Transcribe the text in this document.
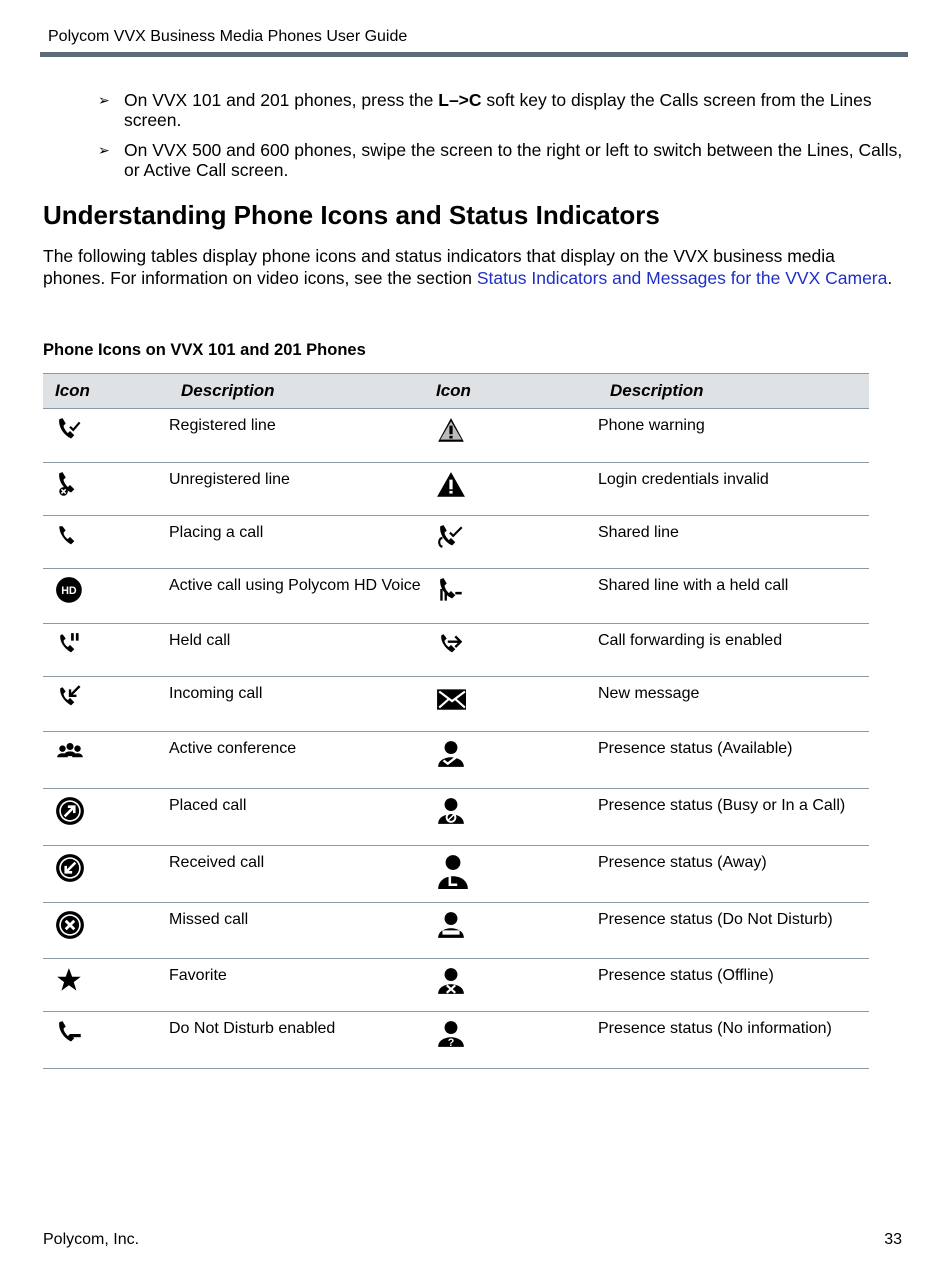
Polycom VVX Business Media Phones User Guide
➢ On VVX 101 and 201 phones, press the L–>C soft key to display the Calls screen from the Lines screen.
➢ On VVX 500 and 600 phones, swipe the screen to the right or left to switch between the Lines, Calls, or Active Call screen.
Understanding Phone Icons and Status Indicators
The following tables display phone icons and status indicators that display on the VVX business media phones. For information on video icons, see the section Status Indicators and Messages for the VVX Camera.
Phone Icons on VVX 101 and 201 Phones
Icon	Description	Icon	Description

	Registered line		Phone warning

	Unregistered line		Login credentials invalid

	Placing a call		Shared line

HD	Active call using Polycom HD Voice		Shared line with a held call

	Held call		Call forwarding is enabled

	Incoming call		New message

	Active conference		Presence status (Available)

	Placed call		Presence status (Busy or In a Call)

	Received call		Presence status (Away)

	Missed call		Presence status (Do Not Disturb)

	Favorite		Presence status (Offline)

	Do Not Disturb enabled	?	Presence status (No information)
Polycom, Inc.	33
